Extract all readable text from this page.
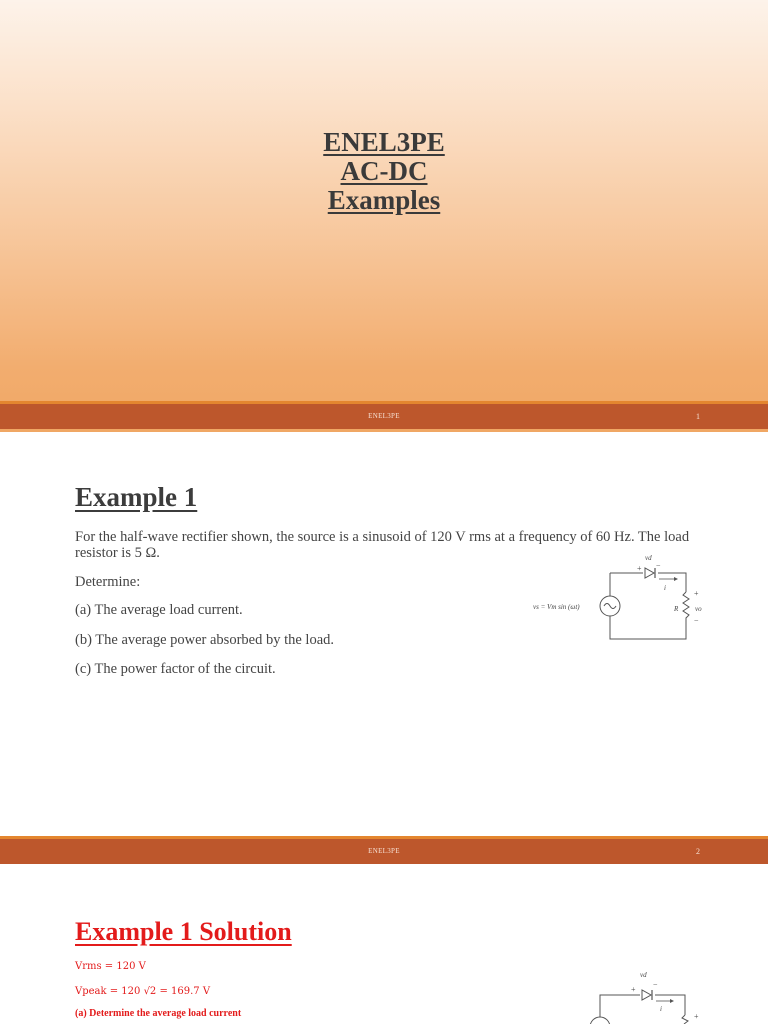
ENEL3PE
AC-DC
Examples
ENEL3PE	1
Example 1
For the half-wave rectifier shown, the source is a sinusoid of 120 V rms at a frequency of 60 Hz. The load resistor is 5 Ω.
Determine:
(a) The average load current.
(b) The average power absorbed by the load.
(c) The power factor of the circuit.
vs = Vm sin (ωt)
vd
+ −
i
R
+
vo
−
ENEL3PE	2
Example 1 Solution
Vrms = 120 V
Vpeak = 120 √2 = 169.7 V
(a) Determine the average load current
vd
+
−
i
+
